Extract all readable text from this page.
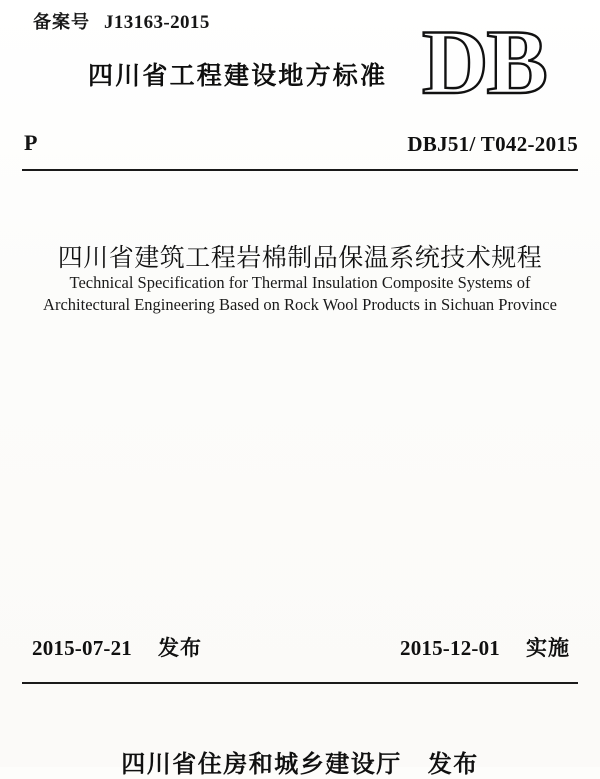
备案号 J13163-2015
四川省工程建设地方标准 DB
P	DBJ51/ T042-2015
四川省建筑工程岩棉制品保温系统技术规程
Technical Specification for Thermal Insulation Composite Systems of
Architectural Engineering Based on Rock Wool Products in Sichuan Province
2015-07-21 发布	2015-12-01 实施
四川省住房和城乡建设厅 发布
